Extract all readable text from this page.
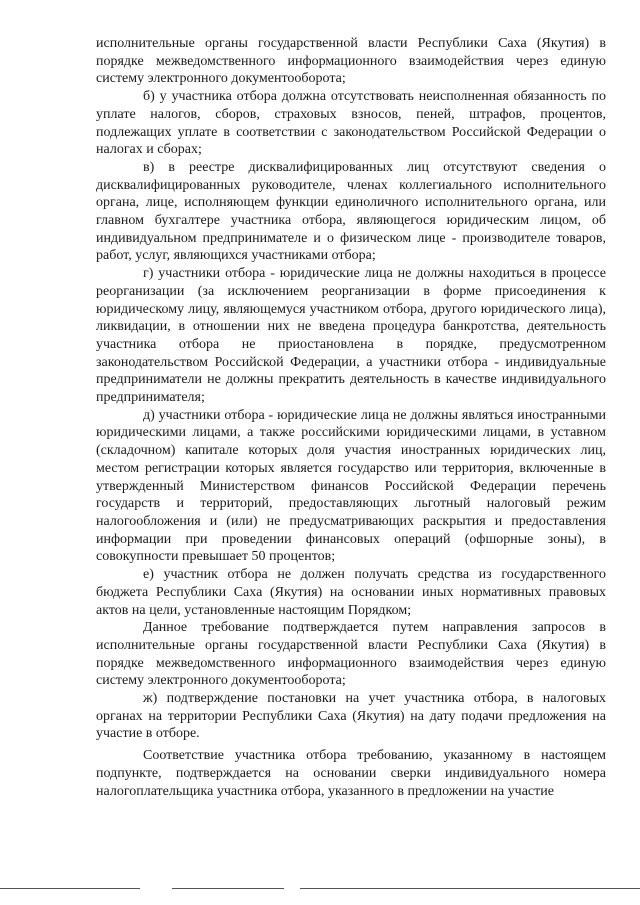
исполнительные органы государственной власти Республики Саха (Якутия) в порядке межведомственного информационного взаимодействия через единую систему электронного документооборота;

б) у участника отбора должна отсутствовать неисполненная обязанность по уплате налогов, сборов, страховых взносов, пеней, штрафов, процентов, подлежащих уплате в соответствии с законодательством Российской Федерации о налогах и сборах;

в) в реестре дисквалифицированных лиц отсутствуют сведения о дисквалифицированных руководителе, членах коллегиального исполнительного органа, лице, исполняющем функции единоличного исполнительного органа, или главном бухгалтере участника отбора, являющегося юридическим лицом, об индивидуальном предпринимателе и о физическом лице - производителе товаров, работ, услуг, являющихся участниками отбора;

г) участники отбора - юридические лица не должны находиться в процессе реорганизации (за исключением реорганизации в форме присоединения к юридическому лицу, являющемуся участником отбора, другого юридического лица), ликвидации, в отношении них не введена процедура банкротства, деятельность участника отбора не приостановлена в порядке, предусмотренном законодательством Российской Федерации, а участники отбора - индивидуальные предприниматели не должны прекратить деятельность в качестве индивидуального предпринимателя;

д) участники отбора - юридические лица не должны являться иностранными юридическими лицами, а также российскими юридическими лицами, в уставном (складочном) капитале которых доля участия иностранных юридических лиц, местом регистрации которых является государство или территория, включенные в утвержденный Министерством финансов Российской Федерации перечень государств и территорий, предоставляющих льготный налоговый режим налогообложения и (или) не предусматривающих раскрытия и предоставления информации при проведении финансовых операций (офшорные зоны), в совокупности превышает 50 процентов;

е) участник отбора не должен получать средства из государственного бюджета Республики Саха (Якутия) на основании иных нормативных правовых актов на цели, установленные настоящим Порядком;

Данное требование подтверждается путем направления запросов в исполнительные органы государственной власти Республики Саха (Якутия) в порядке межведомственного информационного взаимодействия через единую систему электронного документооборота;

ж) подтверждение постановки на учет участника отбора, в налоговых органах на территории Республики Саха (Якутия) на дату подачи предложения на участие в отборе.

Соответствие участника отбора требованию, указанному в настоящем подпункте, подтверждается на основании сверки индивидуального номера налогоплательщика участника отбора, указанного в предложении на участие
